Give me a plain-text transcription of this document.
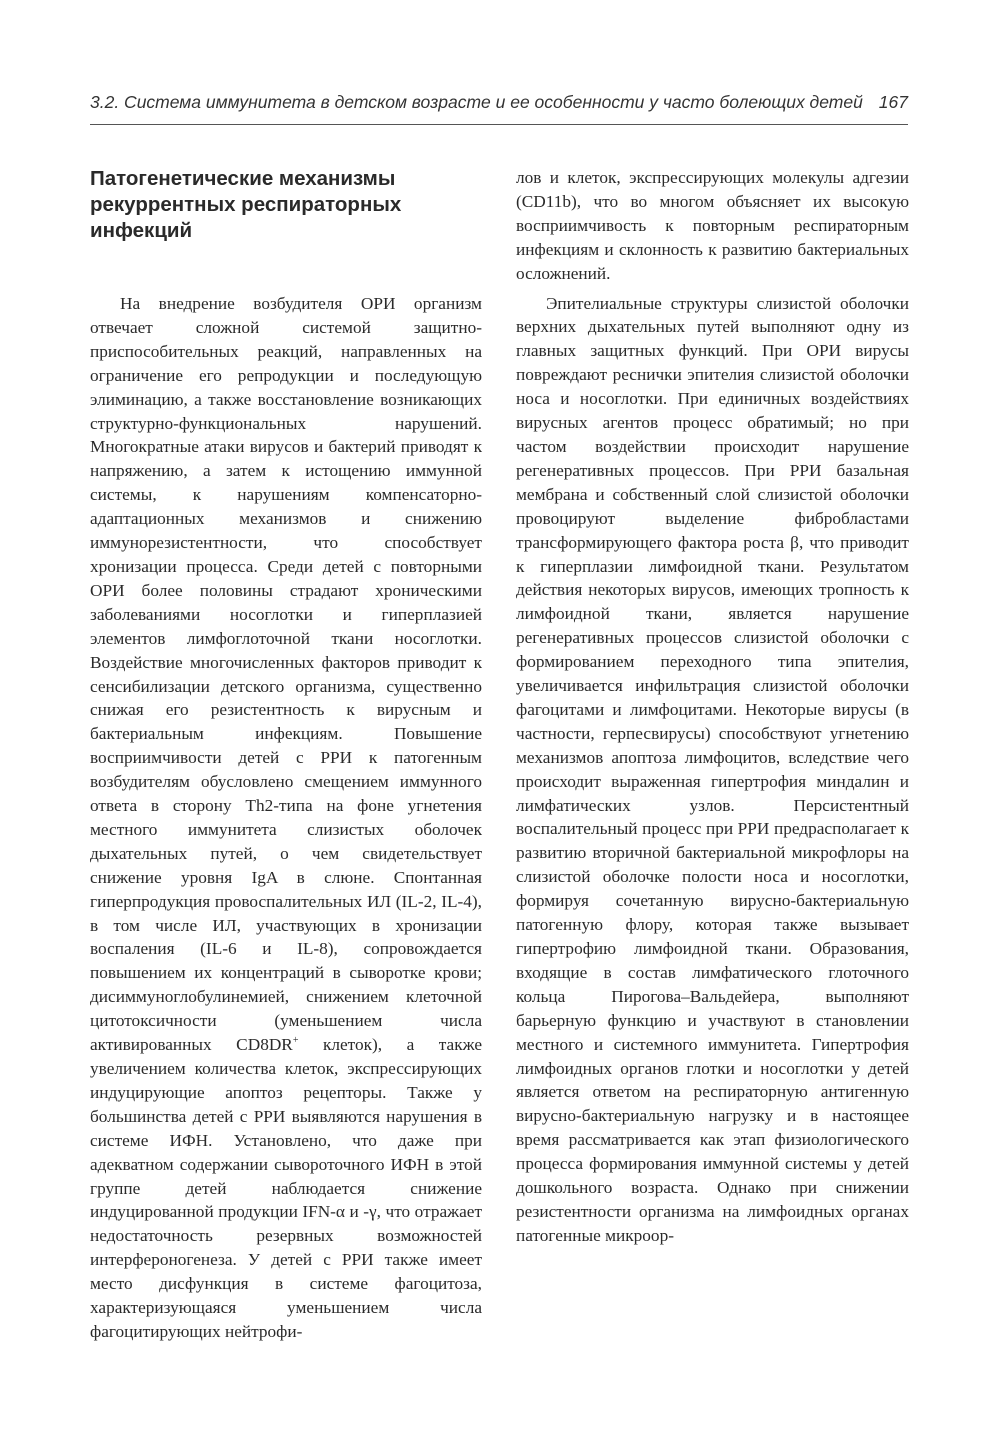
3.2. Система иммунитета в детском возрасте и ее особенности у часто болеющих детей 167
Патогенетические механизмы рекуррентных респираторных инфекций

На внедрение возбудителя ОРИ организм отвечает сложной системой защитно-приспособительных реакций, направленных на ограничение его репродукции и последующую элиминацию, а также восстановление возникающих структурно-функциональных нарушений. Многократные атаки вирусов и бактерий приводят к напряжению, а затем к истощению иммунной системы, к нарушениям компенсаторно-адаптационных механизмов и снижению иммунорезистентности, что способствует хронизации процесса. Среди детей с повторными ОРИ более половины страдают хроническими заболеваниями носоглотки и гиперплазией элементов лимфоглоточной ткани носоглотки. Воздействие многочисленных факторов приводит к сенсибилизации детского организма, существенно снижая его резистентность к вирусным и бактериальным инфекциям. Повышение восприимчивости детей с РРИ к патогенным возбудителям обусловлено смещением иммунного ответа в сторону Th2-типа на фоне угнетения местного иммунитета слизистых оболочек дыхательных путей, о чем свидетельствует снижение уровня IgA в слюне. Спонтанная гиперпродукция провоспалительных ИЛ (IL-2, IL-4), в том числе ИЛ, участвующих в хронизации воспаления (IL-6 и IL-8), сопровождается повышением их концентраций в сыворотке крови; дисиммуноглобулинемией, снижением клеточной цитотоксичности (уменьшением числа активированных CD8DR+ клеток), а также увеличением количества клеток, экспрессирующих индуцирующие апоптоз рецепторы. Также у большинства детей с РРИ выявляются нарушения в системе ИФН. Установлено, что даже при адекватном содержании сывороточного ИФН в этой группе детей наблюдается снижение индуцированной продукции IFN-α и -γ, что отражает недостаточность резервных возможностей интерфероногенеза. У детей с РРИ также имеет место дисфункция в системе фагоцитоза, характеризующаяся уменьшением числа фагоцитирующих нейтрофи-

лов и клеток, экспрессирующих молекулы адгезии (CD11b), что во многом объясняет их высокую восприимчивость к повторным респираторным инфекциям и склонность к развитию бактериальных осложнений.

Эпителиальные структуры слизистой оболочки верхних дыхательных путей выполняют одну из главных защитных функций. При ОРИ вирусы повреждают реснички эпителия слизистой оболочки носа и носоглотки. При единичных воздействиях вирусных агентов процесс обратимый; но при частом воздействии происходит нарушение регенеративных процессов. При РРИ базальная мембрана и собственный слой слизистой оболочки провоцируют выделение фибробластами трансформирующего фактора роста β, что приводит к гиперплазии лимфоидной ткани. Результатом действия некоторых вирусов, имеющих тропность к лимфоидной ткани, является нарушение регенеративных процессов слизистой оболочки с формированием переходного типа эпителия, увеличивается инфильтрация слизистой оболочки фагоцитами и лимфоцитами. Некоторые вирусы (в частности, герпесвирусы) способствуют угнетению механизмов апоптоза лимфоцитов, вследствие чего происходит выраженная гипертрофия миндалин и лимфатических узлов. Персистентный воспалительный процесс при РРИ предрасполагает к развитию вторичной бактериальной микрофлоры на слизистой оболочке полости носа и носоглотки, формируя сочетанную вирусно-бактериальную патогенную флору, которая также вызывает гипертрофию лимфоидной ткани. Образования, входящие в состав лимфатического глоточного кольца Пирогова–Вальдейера, выполняют барьерную функцию и участвуют в становлении местного и системного иммунитета. Гипертрофия лимфоидных органов глотки и носоглотки у детей является ответом на респираторную антигенную вирусно-бактериальную нагрузку и в настоящее время рассматривается как этап физиологического процесса формирования иммунной системы у детей дошкольного возраста. Однако при снижении резистентности организма на лимфоидных органах патогенные микроор-
